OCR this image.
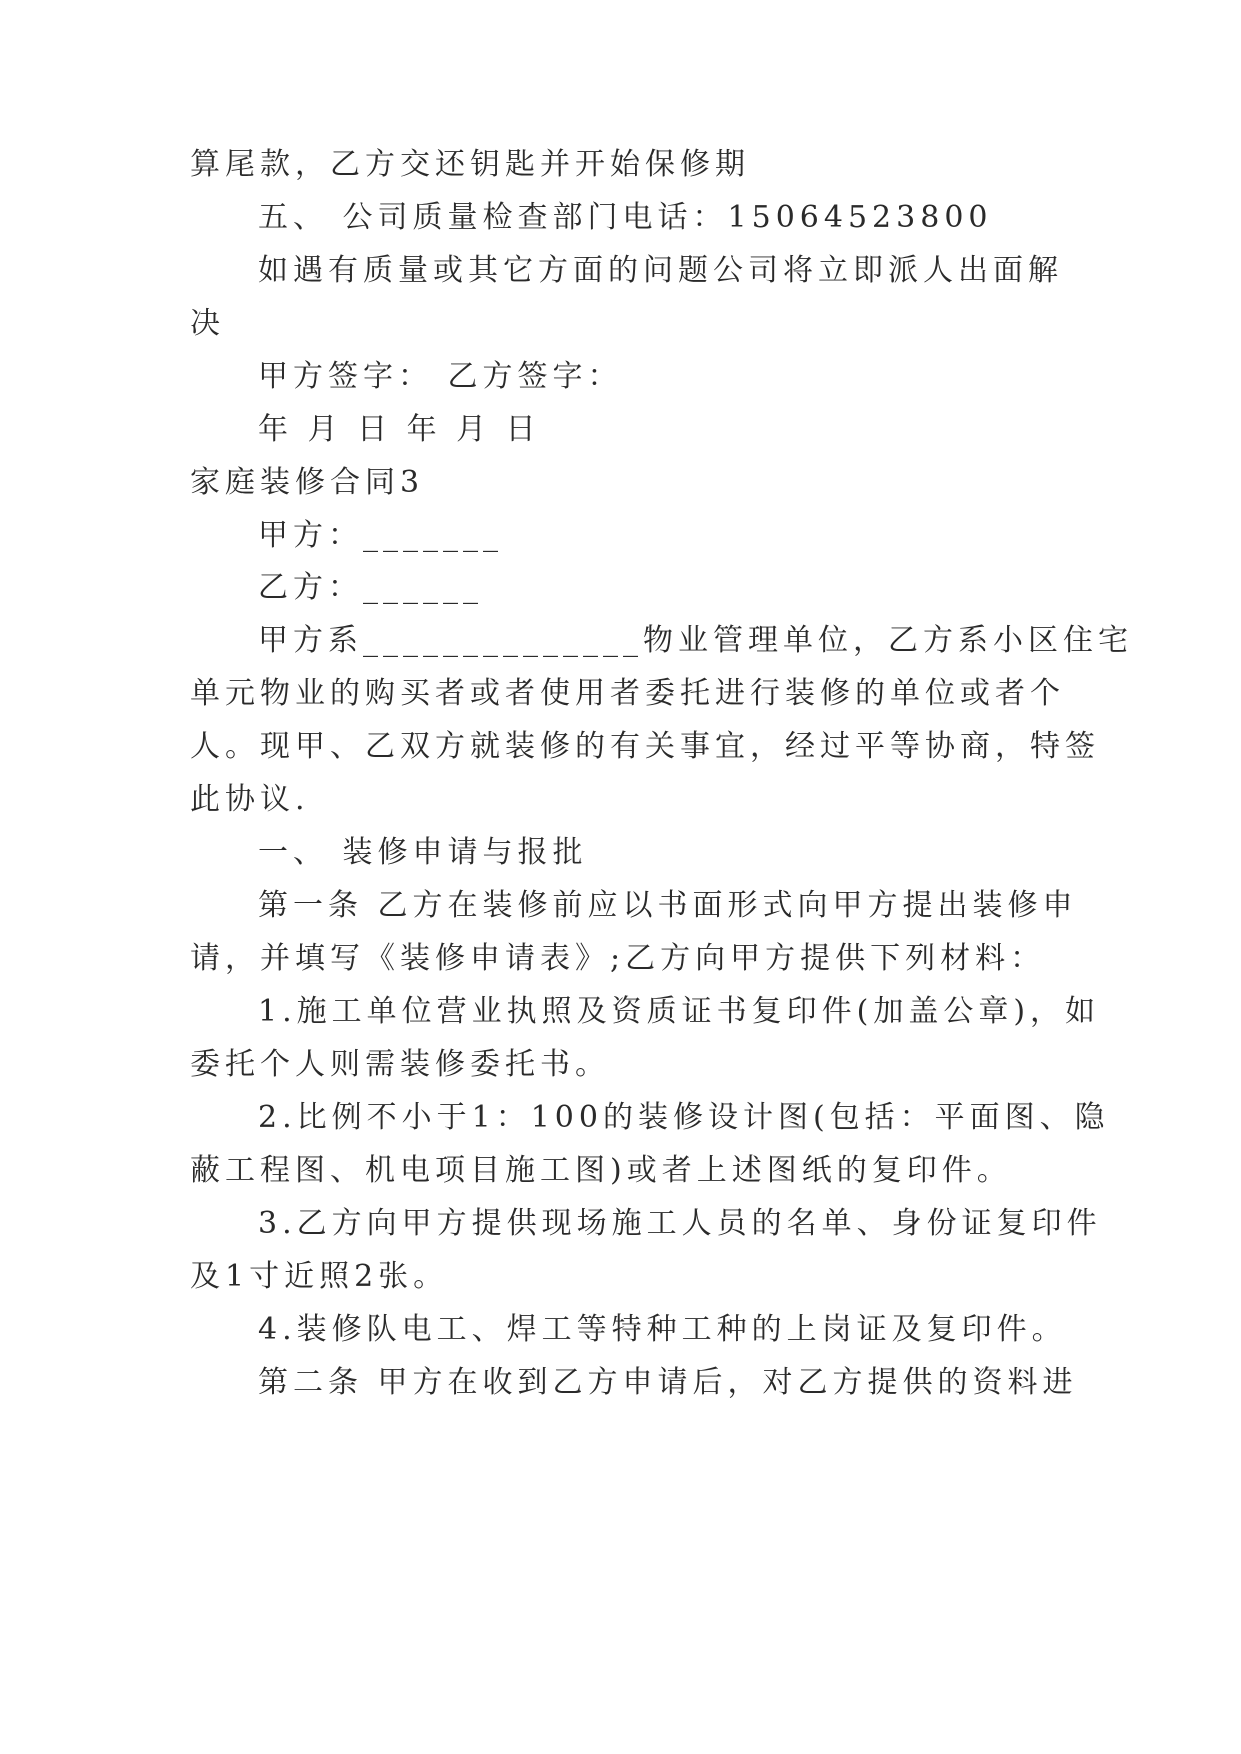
算尾款，乙方交还钥匙并开始保修期
五、 公司质量检查部门电话：15064523800
如遇有质量或其它方面的问题公司将立即派人出面解
决
甲方签字： 乙方签字：
年 月 日 年 月 日
家庭装修合同3
甲方：_______
乙方：______
甲方系______________物业管理单位，乙方系小区住宅
单元物业的购买者或者使用者委托进行装修的单位或者个
人。现甲、乙双方就装修的有关事宜，经过平等协商，特签
此协议.
一、 装修申请与报批
第一条 乙方在装修前应以书面形式向甲方提出装修申
请，并填写《装修申请表》;乙方向甲方提供下列材料：
1.施工单位营业执照及资质证书复印件(加盖公章)，如
委托个人则需装修委托书。
2.比例不小于1：100的装修设计图(包括：平面图、隐
蔽工程图、机电项目施工图)或者上述图纸的复印件。
3.乙方向甲方提供现场施工人员的名单、身份证复印件
及1寸近照2张。
4.装修队电工、焊工等特种工种的上岗证及复印件。
第二条 甲方在收到乙方申请后，对乙方提供的资料进
